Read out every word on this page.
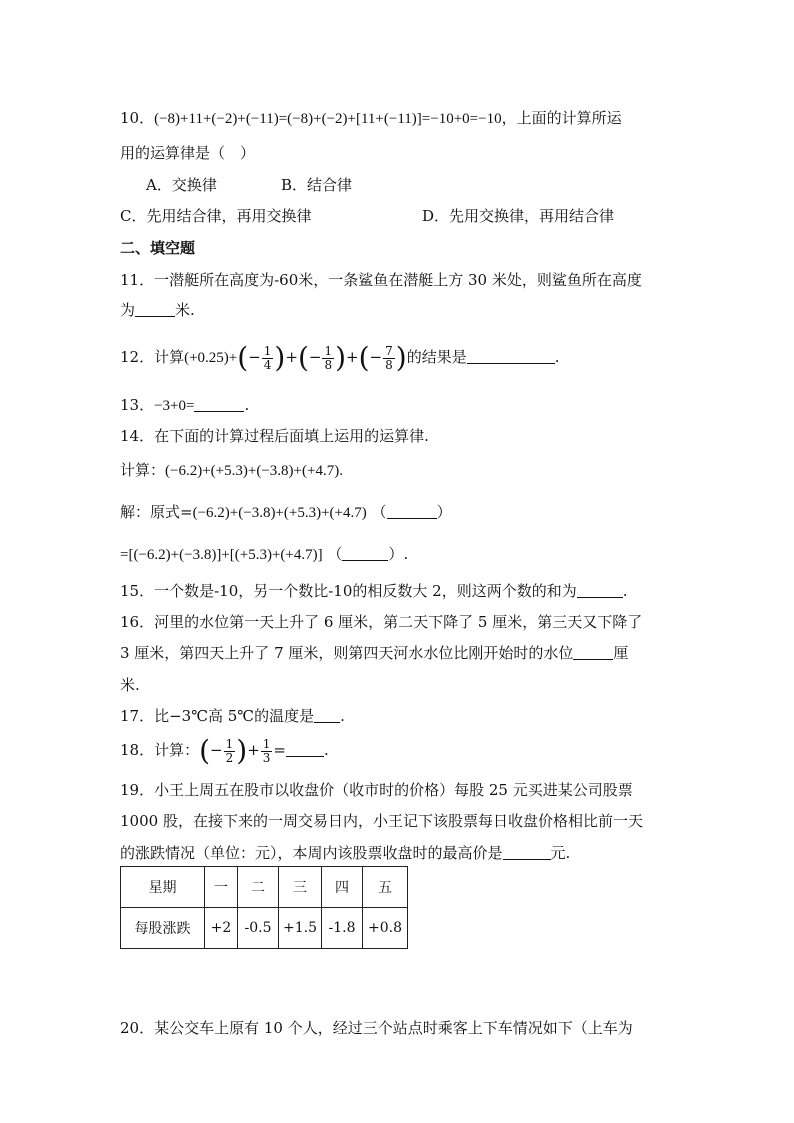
10．(−8)+11+(−2)+(−11)=(−8)+(−2)+[11+(−11)]=−10+0=−10，上面的计算所运
用的运算律是（　）
A．交换律	B．结合律
C．先用结合律，再用交换律	D．先用交换律，再用结合律
二、填空题
11．一潜艇所在高度为-60米，一条鲨鱼在潜艇上方 30 米处，则鲨鱼所在高度
为	米.
12．计算$(+0.25)+(- \frac{1}{4}$ )+(− $\frac{1}{8}$ )+(− $\frac{7}{8}$ )的结果是	.
13．−3+0=	.
14．在下面的计算过程后面填上运用的运算律.
计算：(−6.2)+(+5.3)+(−3.8)+(+4.7).
解：原式=(−6.2)+(−3.8)+(+5.3)+(+4.7) （	）
=[(−6.2)+(−3.8)]+[(+5.3)+(+4.7)] （	）.
15．一个数是-10，另一个数比-10的相反数大 2，则这两个数的和为	.
16．河里的水位第一天上升了 6 厘米，第二天下降了 5 厘米，第三天又下降了
3 厘米，第四天上升了 7 厘米，则第四天河水水位比刚开始时的水位	厘
米.
17．比−3℃高 5℃的温度是 .
18．计算：(− $\frac{1}{2}$ )+ $\frac{1}{3}$ =	.
19．小王上周五在股市以收盘价（收市时的价格）每股 25 元买进某公司股票
1000 股，在接下来的一周交易日内，小王记下该股票每日收盘价格相比前一天
的涨跌情况（单位：元），本周内该股票收盘时的最高价是	元.
星期	一	二	三	四	五
每股涨跌	+2	-0.5	+1.5	-1.8	+0.8
20．某公交车上原有 10 个人，经过三个站点时乘客上下车情况如下（上车为
